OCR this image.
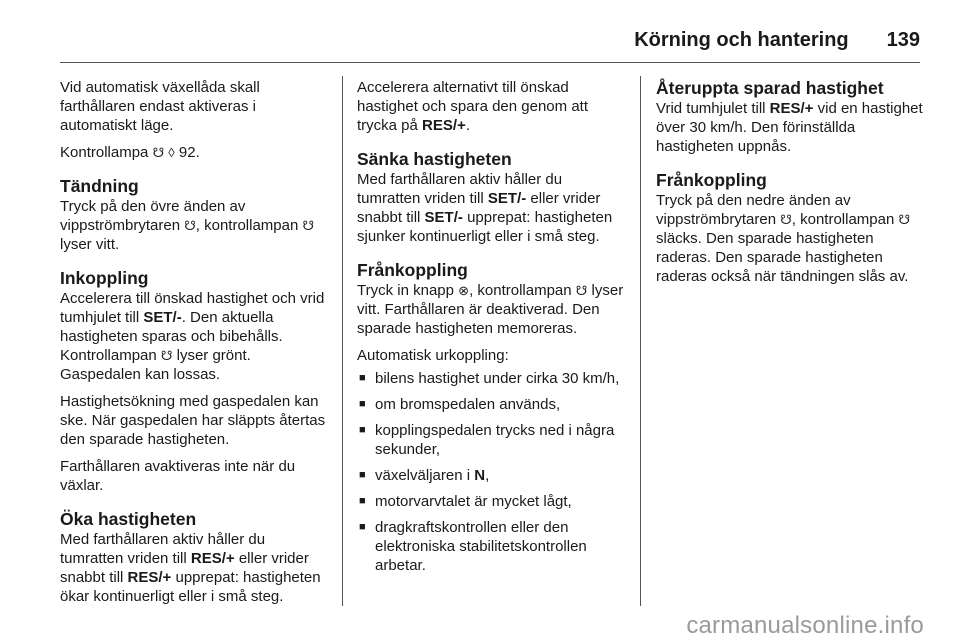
Körning och hantering 139

Vid automatisk växellåda skall farthållaren endast aktiveras i automatiskt läge.

Kontrollampa ☋ ◊ 92.

Tändning

Tryck på den övre änden av vippströmbrytaren ☋, kontrollampan ☋ lyser vitt.

Inkoppling

Accelerera till önskad hastighet och vrid tumhjulet till SET/-. Den aktuella hastigheten sparas och bibehålls. Kontrollampan ☋ lyser grönt. Gaspedalen kan lossas.

Hastighetsökning med gaspedalen kan ske. När gaspedalen har släppts återtas den sparade hastigheten.

Farthållaren avaktiveras inte när du växlar.

Öka hastigheten

Med farthållaren aktiv håller du tumratten vriden till RES/+ eller vrider snabbt till RES/+ upprepat: hastigheten ökar kontinuerligt eller i små steg.

Accelerera alternativt till önskad hastighet och spara den genom att trycka på RES/+.

Sänka hastigheten

Med farthållaren aktiv håller du tumratten vriden till SET/- eller vrider snabbt till SET/- upprepat: hastigheten sjunker kontinuerligt eller i små steg.

Frånkoppling

Tryck in knapp ⊗, kontrollampan ☋ lyser vitt. Farthållaren är deaktiverad. Den sparade hastigheten memoreras.

Automatisk urkoppling:

■ bilens hastighet under cirka 30 km/h,
■ om bromspedalen används,
■ kopplingspedalen trycks ned i några sekunder,
■ växelväljaren i N,
■ motorvarvtalet är mycket lågt,
■ dragkraftskontrollen eller den elektroniska stabilitetskontrollen arbetar.
Återuppta sparad hastighet

Vrid tumhjulet till RES/+ vid en hastighet över 30 km/h. Den förinställda hastigheten uppnås.

Frånkoppling

Tryck på den nedre änden av vippströmbrytaren ☋, kontrollampan ☋ släcks. Den sparade hastigheten raderas. Den sparade hastigheten raderas också när tändningen slås av.

carmanualsonline.info
